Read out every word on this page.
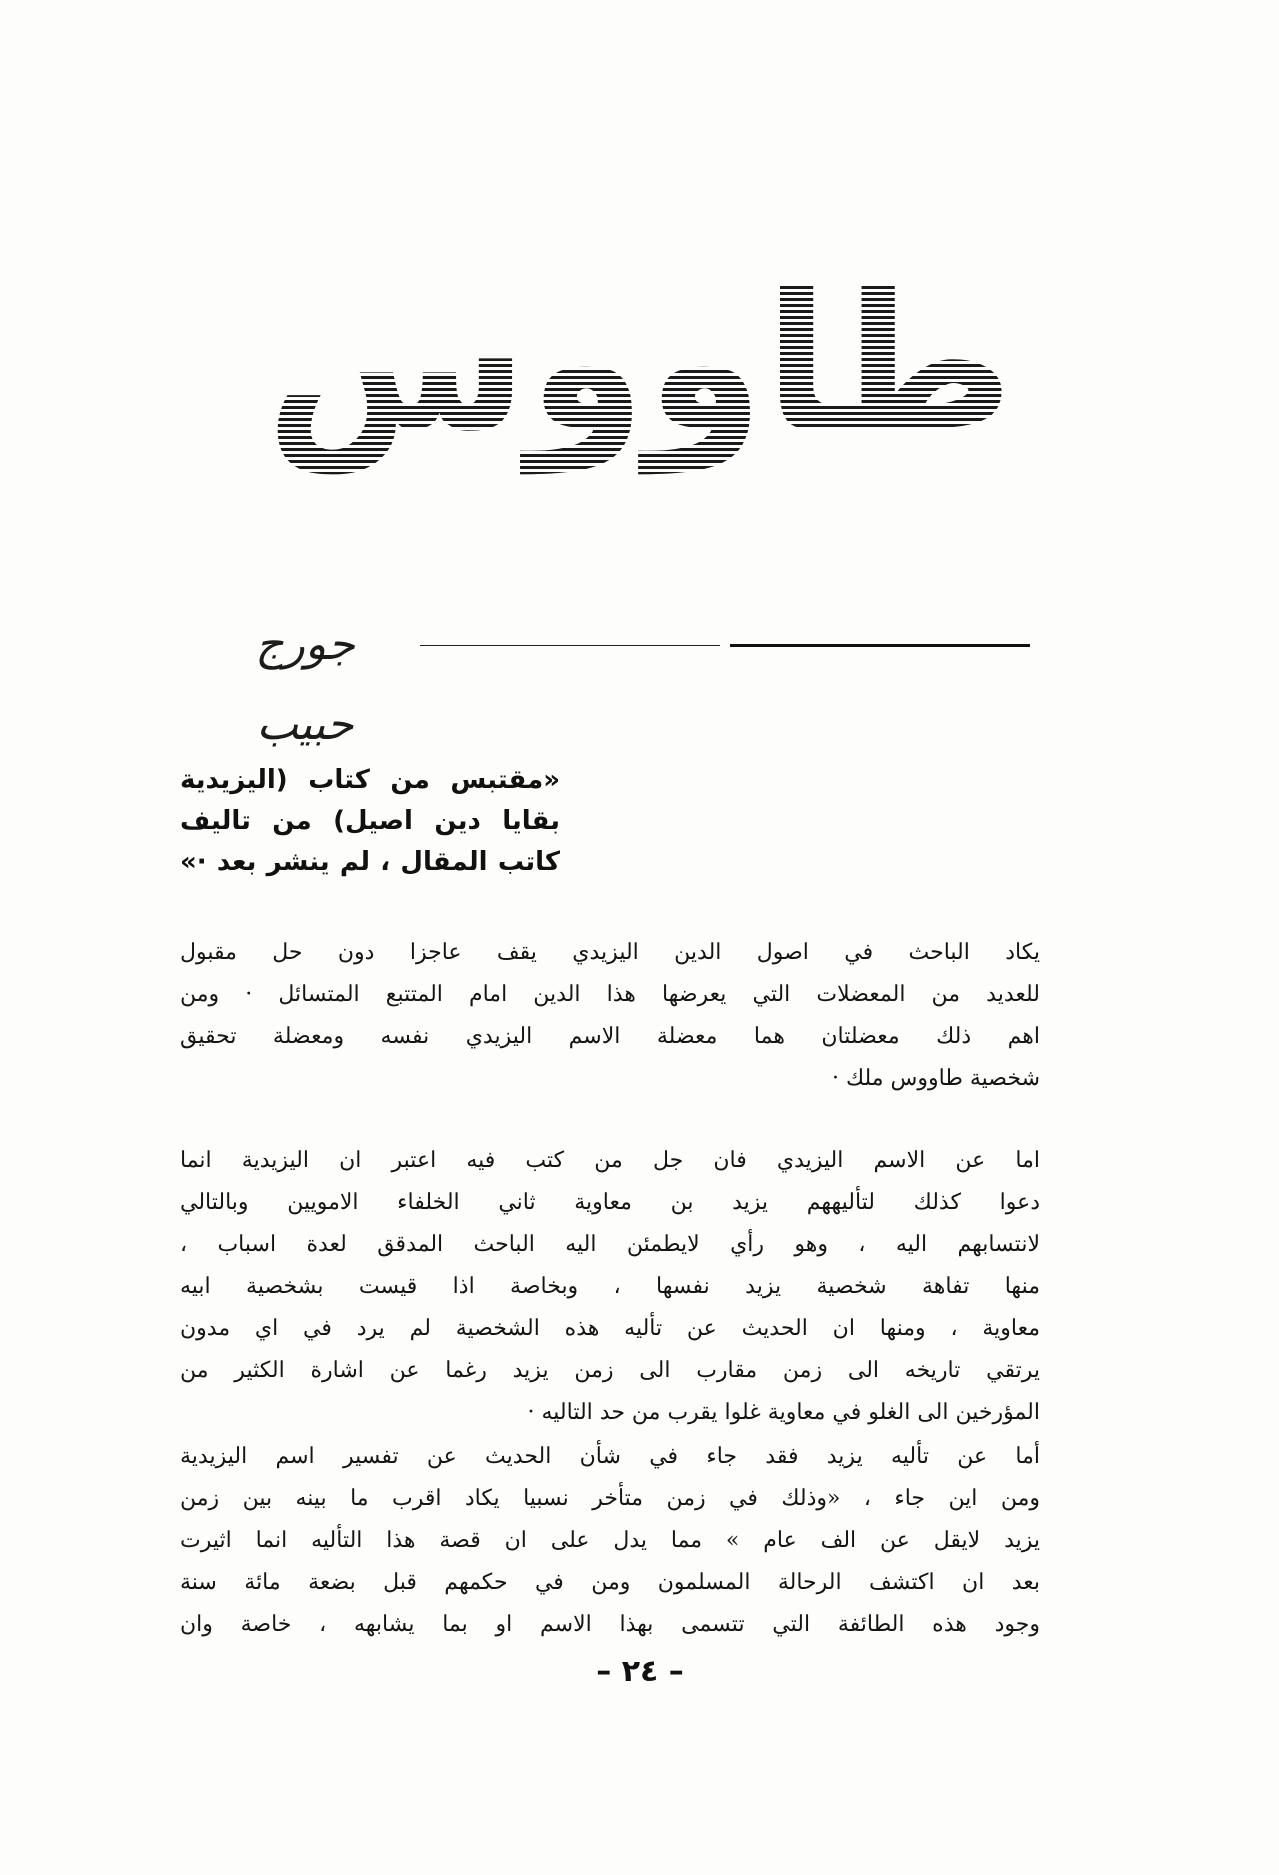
طاووس ملك
جورج حبيب
«مقتبس من كتاب (اليزيدية
بقايا دين اصيل) من تاليف
كاتب المقال ، لم ينشر بعد ·»
يكاد الباحث في اصول الدين اليزيدي يقف عاجزا دون حل مقبول
للعديد من المعضلات التي يعرضها هذا الدين امام المتتبع المتسائل · ومن
اهم ذلك معضلتان هما معضلة الاسم اليزيدي نفسه ومعضلة تحقيق
شخصية طاووس ملك ·
اما عن الاسم اليزيدي فان جل من كتب فيه اعتبر ان اليزيدية انما
دعوا كذلك لتأليههم يزيد بن معاوية ثاني الخلفاء الامويين وبالتالي
لانتسابهم اليه ، وهو رأي لايطمئن اليه الباحث المدقق لعدة اسباب ،
منها تفاهة شخصية يزيد نفسها ، وبخاصة اذا قيست بشخصية ابيه
معاوية ، ومنها ان الحديث عن تأليه هذه الشخصية لم يرد في اي مدون
يرتقي تاريخه الى زمن مقارب الى زمن يزيد رغما عن اشارة الكثير من
المؤرخين الى الغلو في معاوية غلوا يقرب من حد التاليه ·
أما عن تأليه يزيد فقد جاء في شأن الحديث عن تفسير اسم اليزيدية
ومن اين جاء ، «وذلك في زمن متأخر نسبيا يكاد اقرب ما بينه بين زمن
يزيد لايقل عن الف عام » مما يدل على ان قصة هذا التأليه انما اثيرت
بعد ان اكتشف الرحالة المسلمون ومن في حكمهم قبل بضعة مائة سنة
وجود هذه الطائفة التي تتسمى بهذا الاسم او بما يشابهه ، خاصة وان
– ٢٤ –
